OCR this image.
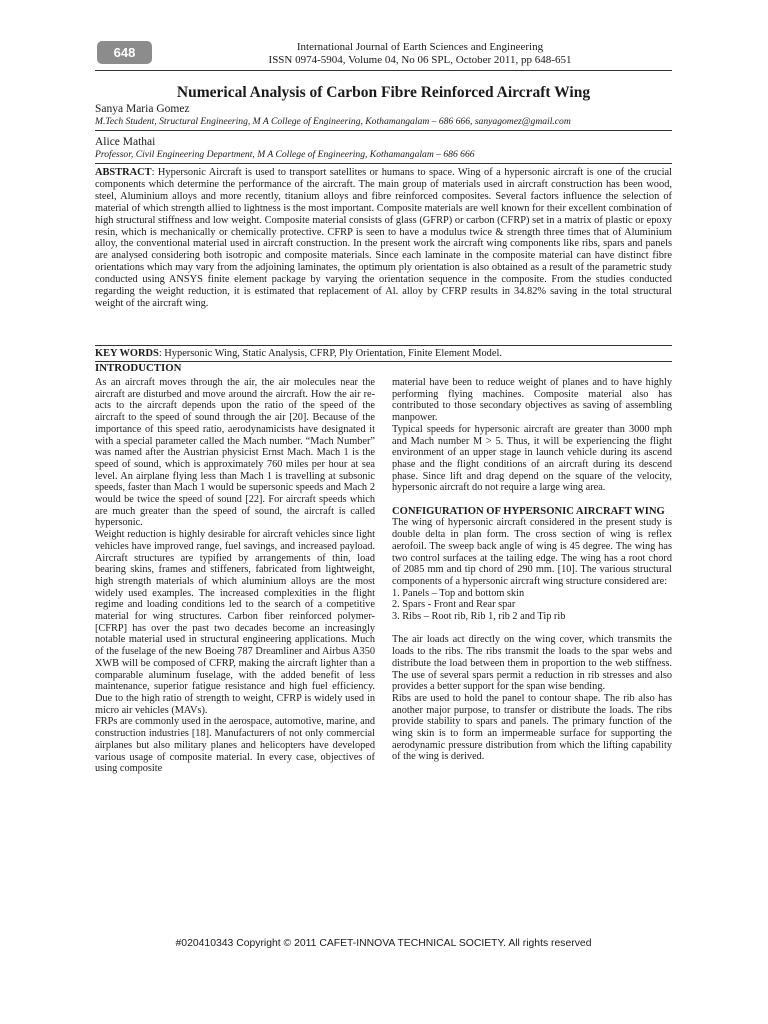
648	International Journal of Earth Sciences and Engineering
ISSN 0974-5904, Volume 04, No 06 SPL, October 2011, pp 648-651
Numerical Analysis of Carbon Fibre Reinforced Aircraft Wing
Sanya Maria Gomez
M.Tech Student, Structural Engineering, M A College of Engineering, Kothamangalam – 686 666, sanyagomez@gmail.com
Alice Mathai
Professor, Civil Engineering Department, M A College of Engineering, Kothamangalam – 686 666

ABSTRACT: Hypersonic Aircraft is used to transport satellites or humans to space. Wing of a hypersonic aircraft is one of the crucial components which determine the performance of the aircraft. The main group of materials used in aircraft construction has been wood, steel, Aluminium alloys and more recently, titanium alloys and fibre reinforced composites. Several factors influence the selection of material of which strength allied to lightness is the most important. Composite materials are well known for their excellent combination of high structural stiffness and low weight. Composite material consists of glass (GFRP) or carbon (CFRP) set in a matrix of plastic or epoxy resin, which is mechanically or chemically protective. CFRP is seen to have a modulus twice & strength three times that of Aluminium alloy, the conventional material used in aircraft construction. In the present work the aircraft wing components like ribs, spars and panels are analysed considering both isotropic and composite materials. Since each laminate in the composite material can have distinct fibre orientations which may vary from the adjoining laminates, the optimum ply orientation is also obtained as a result of the parametric study conducted using ANSYS finite element package by varying the orientation sequence in the composite. From the studies conducted regarding the weight reduction, it is estimated that replacement of Al. alloy by CFRP results in 34.82% saving in the total structural weight of the aircraft wing.

KEY WORDS: Hypersonic Wing, Static Analysis, CFRP, Ply Orientation, Finite Element Model.

INTRODUCTION

As an aircraft moves through the air, the air molecules near the aircraft are disturbed and move around the aircraft. How the air re-acts to the aircraft depends upon the ratio of the speed of the aircraft to the speed of sound through the air [20]. Because of the importance of this speed ratio, aerodynamicists have designated it with a special parameter called the Mach number. “Mach Number” was named after the Austrian physicist Ernst Mach. Mach 1 is the speed of sound, which is approximately 760 miles per hour at sea level. An airplane flying less than Mach 1 is travelling at subsonic speeds, faster than Mach 1 would be supersonic speeds and Mach 2 would be twice the speed of sound [22]. For aircraft speeds which are much greater than the speed of sound, the aircraft is called hypersonic.

Weight reduction is highly desirable for aircraft vehicles since light vehicles have improved range, fuel savings, and increased payload. Aircraft structures are typified by arrangements of thin, load bearing skins, frames and stiffeners, fabricated from lightweight, high strength materials of which aluminium alloys are the most widely used examples. The increased complexities in the flight regime and loading conditions led to the search of a competitive material for wing structures. Carbon fiber reinforced polymer-[CFRP] has over the past two decades become an increasingly notable material used in structural engineering applications. Much of the fuselage of the new Boeing 787 Dreamliner and Airbus A350 XWB will be composed of CFRP, making the aircraft lighter than a comparable aluminum fuselage, with the added benefit of less maintenance, superior fatigue resistance and high fuel efficiency. Due to the high ratio of strength to weight, CFRP is widely used in micro air vehicles (MAVs).

FRPs are commonly used in the aerospace, automotive, marine, and construction industries [18]. Manufacturers of not only commercial airplanes but also military planes and helicopters have developed various usage of composite material. In every case, objectives of using composite

material have been to reduce weight of planes and to have highly performing flying machines. Composite material also has contributed to those secondary objectives as saving of assembling manpower.

Typical speeds for hypersonic aircraft are greater than 3000 mph and Mach number M > 5. Thus, it will be experiencing the flight environment of an upper stage in launch vehicle during its ascend phase and the flight conditions of an aircraft during its descend phase. Since lift and drag depend on the square of the velocity, hypersonic aircraft do not require a large wing area.

CONFIGURATION OF HYPERSONIC AIRCRAFT WING

The wing of hypersonic aircraft considered in the present study is double delta in plan form. The cross section of wing is reflex aerofoil. The sweep back angle of wing is 45 degree. The wing has two control surfaces at the tailing edge. The wing has a root chord of 2085 mm and tip chord of 290 mm. [10]. The various structural components of a hypersonic aircraft wing structure considered are:

1. Panels – Top and bottom skin
2. Spars - Front and Rear spar
3. Ribs – Root rib, Rib 1, rib 2 and Tip rib

The air loads act directly on the wing cover, which transmits the loads to the ribs. The ribs transmit the loads to the spar webs and distribute the load between them in proportion to the web stiffness. The use of several spars permit a reduction in rib stresses and also provides a better support for the span wise bending.

Ribs are used to hold the panel to contour shape. The rib also has another major purpose, to transfer or distribute the loads. The ribs provide stability to spars and panels. The primary function of the wing skin is to form an impermeable surface for supporting the aerodynamic pressure distribution from which the lifting capability of the wing is derived.

#020410343 Copyright © 2011 CAFET-INNOVA TECHNICAL SOCIETY. All rights reserved
